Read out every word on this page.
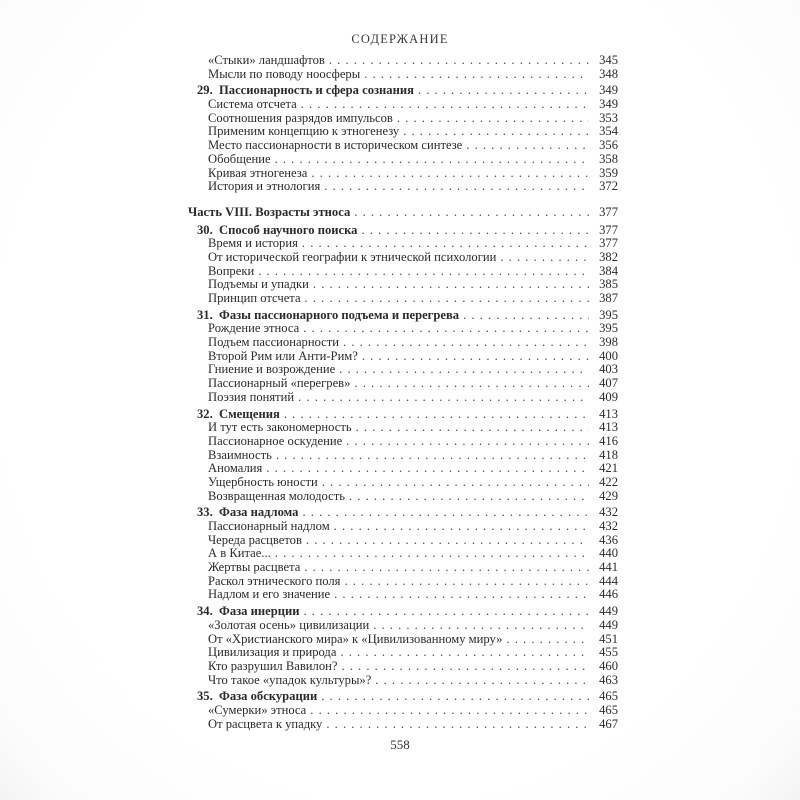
СОДЕРЖАНИЕ
«Стыки» ландшафтов . . .	345
Мысли по поводу ноосферы . . .	348
29. Пассионарность и сфера сознания . . .	349
Система отсчета . . .	349
Соотношения разрядов импульсов . . .	353
Применим концепцию к этногенезу . . .	354
Место пассионарности в историческом синтезе . . .	356
Обобщение . . .	358
Кривая этногенеза . . .	359
История и этнология . . .	372
Часть VIII. Возрасты этноса . . .	377
30. Способ научного поиска . . .	377
Время и история . . .	377
От исторической географии к этнической психологии . . .	382
Вопреки . . .	384
Подъемы и упадки . . .	385
Принцип отсчета . . .	387
31. Фазы пассионарного подъема и перегрева . . .	395
Рождение этноса . . .	395
Подъем пассионарности . . .	398
Второй Рим или Анти-Рим? . . .	400
Гниение и возрождение . . .	403
Пассионарный «перегрев» . . .	407
Поэзия понятий . . .	409
32. Смещения . . .	413
И тут есть закономерность . . .	413
Пассионарное оскудение . . .	416
Взаимность . . .	418
Аномалия . . .	421
Ущербность юности . . .	422
Возвращенная молодость . . .	429
33. Фаза надлома . . .	432
Пассионарный надлом . . .	432
Череда расцветов . . .	436
А в Китае... . . .	440
Жертвы расцвета . . .	441
Раскол этнического поля . . .	444
Надлом и его значение . . .	446
34. Фаза инерции . . .	449
«Золотая осень» цивилизации . . .	449
От «Христианского мира» к «Цивилизованному миру» . . .	451
Цивилизация и природа . . .	455
Кто разрушил Вавилон? . . .	460
Что такое «упадок культуры»? . . .	463
35. Фаза обскурации . . .	465
«Сумерки» этноса . . .	465
От расцвета к упадку . . .	467
558
